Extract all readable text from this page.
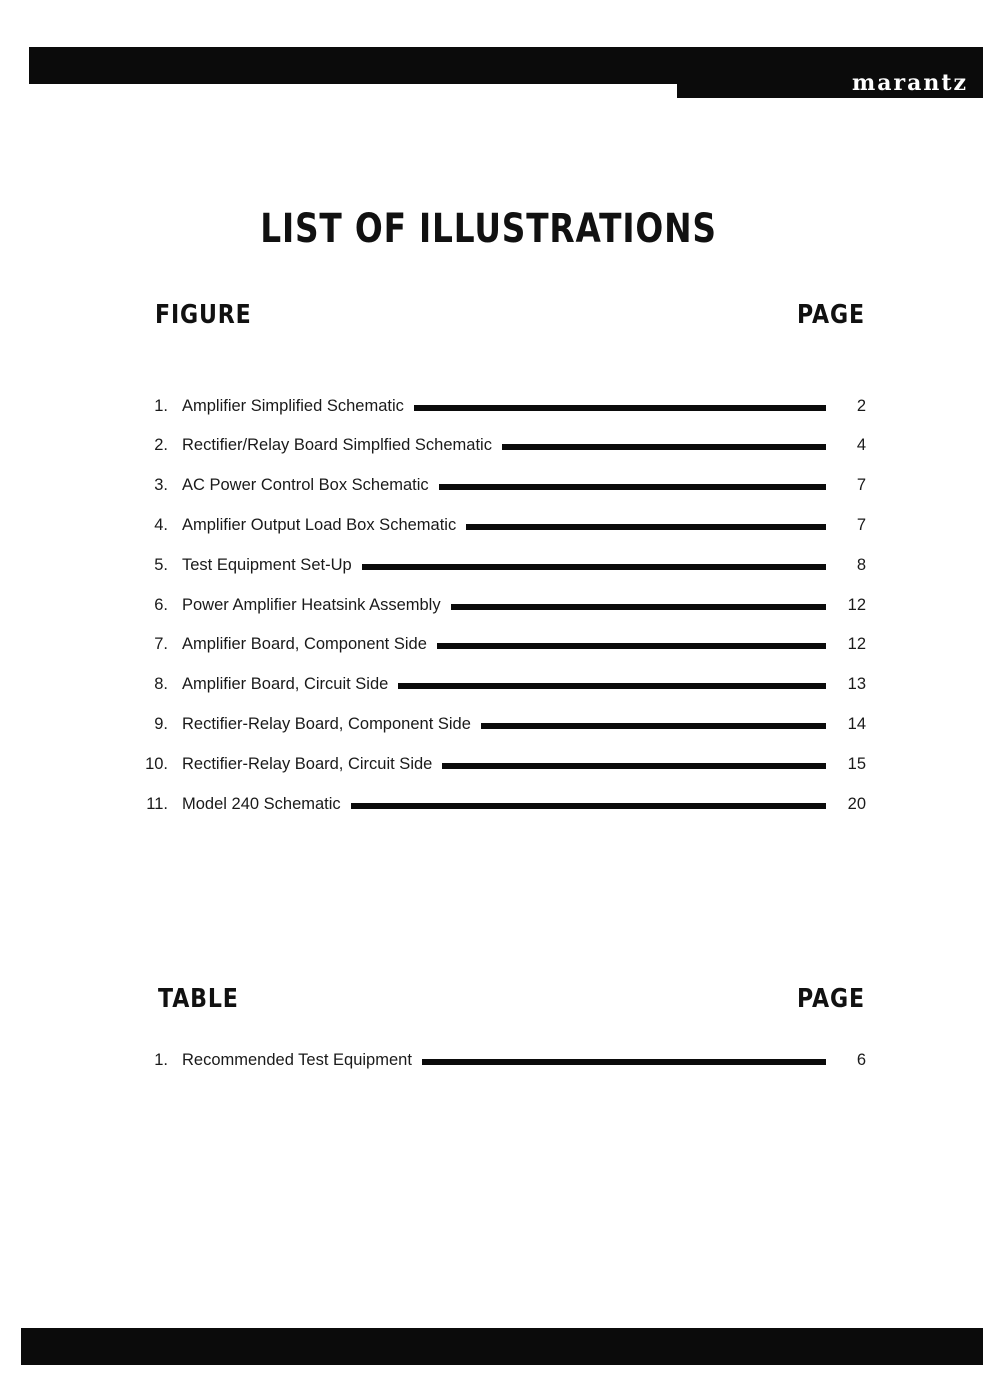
marantz
LIST OF ILLUSTRATIONS
FIGURE	PAGE
1. Amplifier Simplified Schematic	2
2. Rectifier/Relay Board Simplfied Schematic	4
3. AC Power Control Box Schematic	7
4. Amplifier Output Load Box Schematic	7
5. Test Equipment Set-Up	8
6. Power Amplifier Heatsink Assembly	12
7. Amplifier Board, Component Side	12
8. Amplifier Board, Circuit Side	13
9. Rectifier-Relay Board, Component Side	14
10. Rectifier-Relay Board, Circuit Side	15
11. Model 240 Schematic	20
TABLE	PAGE
1. Recommended Test Equipment	6
